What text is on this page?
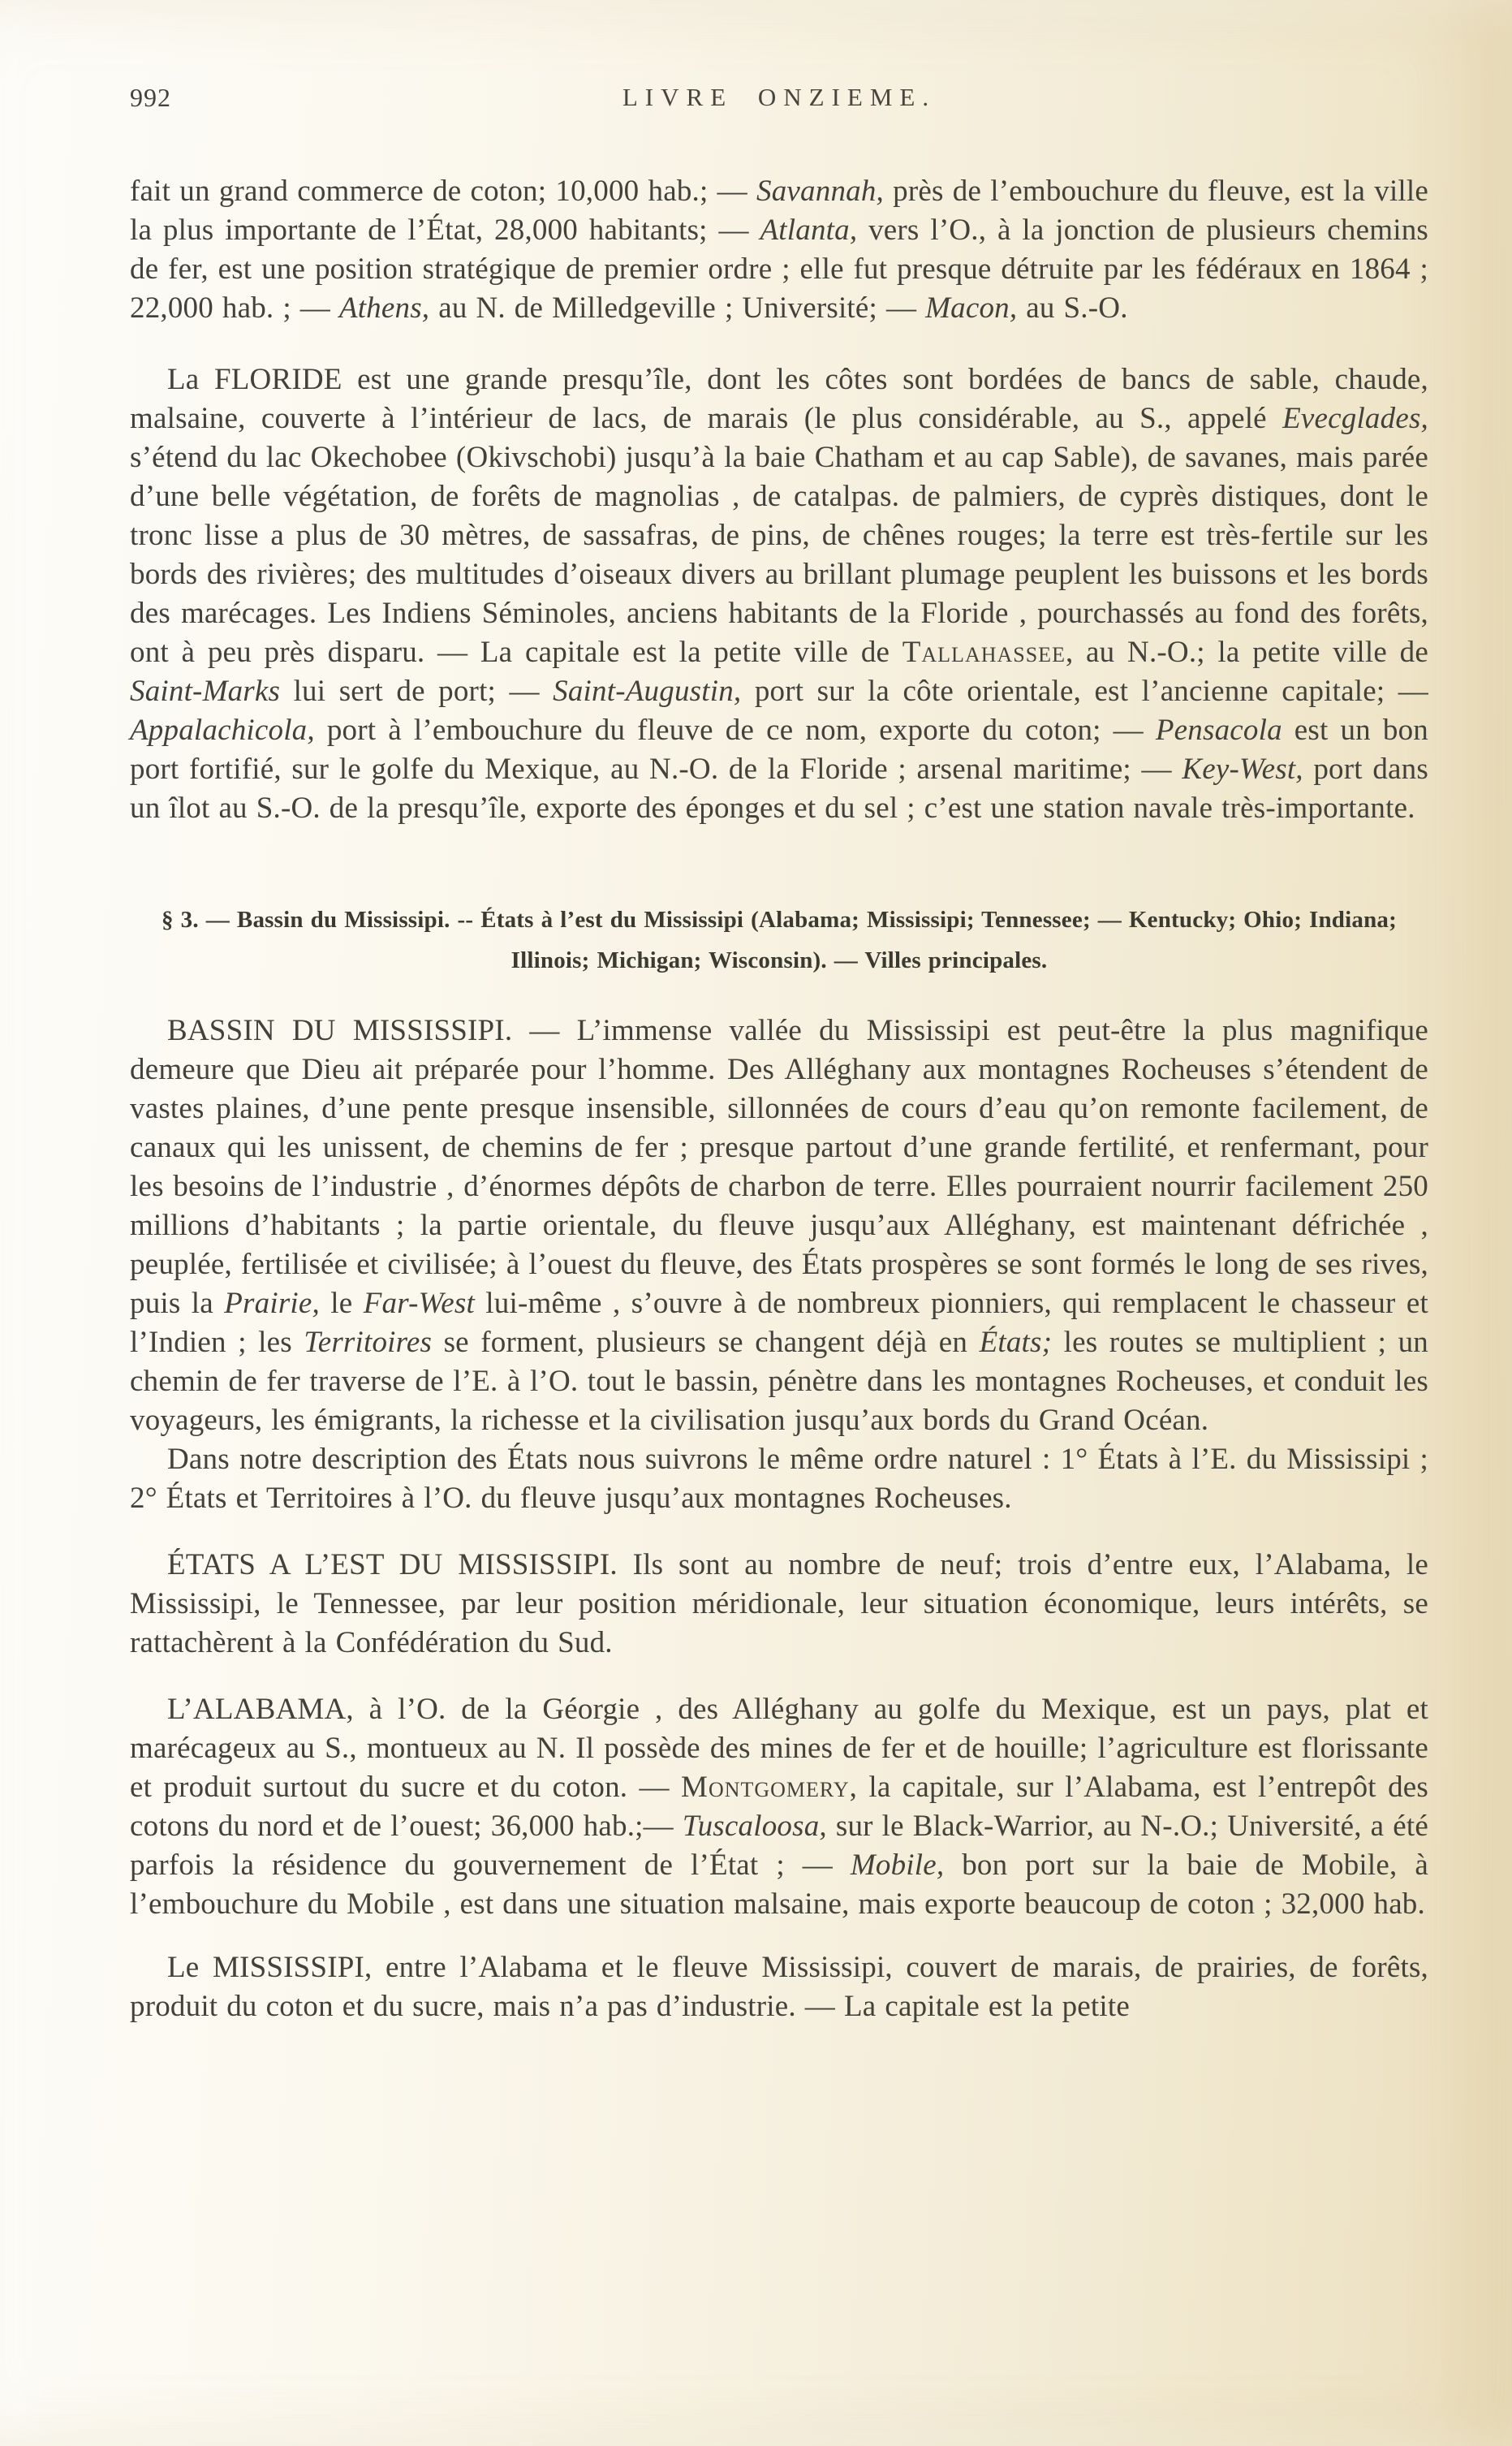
992	LIVRE ONZIEME.

fait un grand commerce de coton; 10,000 hab.; — Savannah, près de l’embouchure du fleuve, est la ville la plus importante de l’État, 28,000 habitants; — Atlanta, vers l’O., à la jonction de plusieurs chemins de fer, est une position stratégique de premier ordre ; elle fut presque détruite par les fédéraux en 1864 ; 22,000 hab. ; — Athens, au N. de Milledgeville ; Université; — Macon, au S.-O.

La FLORIDE est une grande presqu’île, dont les côtes sont bordées de bancs de sable, chaude, malsaine, couverte à l’intérieur de lacs, de marais (le plus considérable, au S., appelé Evecglades, s’étend du lac Okechobee (Okivschobi) jusqu’à la baie Chatham et au cap Sable), de savanes, mais parée d’une belle végétation, de forêts de magnolias , de catalpas. de palmiers, de cyprès distiques, dont le tronc lisse a plus de 30 mètres, de sassafras, de pins, de chênes rouges; la terre est très-fertile sur les bords des rivières; des multitudes d’oiseaux divers au brillant plumage peuplent les buissons et les bords des marécages. Les Indiens Séminoles, anciens habitants de la Floride , pourchassés au fond des forêts, ont à peu près disparu. — La capitale est la petite ville de Tallahassee, au N.-O.; la petite ville de Saint-Marks lui sert de port; — Saint-Augustin, port sur la côte orientale, est l’ancienne capitale; — Appalachicola, port à l’embouchure du fleuve de ce nom, exporte du coton; — Pensacola est un bon port fortifié, sur le golfe du Mexique, au N.-O. de la Floride ; arsenal maritime; — Key-West, port dans un îlot au S.-O. de la presqu’île, exporte des éponges et du sel ; c’est une station navale très-importante.

§ 3. — Bassin du Mississipi. -- États à l’est du Mississipi (Alabama; Mississipi; Tennessee; — Kentucky; Ohio; Indiana; Illinois; Michigan; Wisconsin). — Villes principales.

BASSIN DU MISSISSIPI. — L’immense vallée du Mississipi est peut-être la plus magnifique demeure que Dieu ait préparée pour l’homme. Des Alléghany aux montagnes Rocheuses s’étendent de vastes plaines, d’une pente presque insensible, sillonnées de cours d’eau qu’on remonte facilement, de canaux qui les unissent, de chemins de fer ; presque partout d’une grande fertilité, et renfermant, pour les besoins de l’industrie , d’énormes dépôts de charbon de terre. Elles pourraient nourrir facilement 250 millions d’habitants ; la partie orientale, du fleuve jusqu’aux Alléghany, est maintenant défrichée , peuplée, fertilisée et civilisée; à l’ouest du fleuve, des États prospères se sont formés le long de ses rives, puis la Prairie, le Far-West lui-même , s’ouvre à de nombreux pionniers, qui remplacent le chasseur et l’Indien ; les Territoires se forment, plusieurs se changent déjà en États; les routes se multiplient ; un chemin de fer traverse de l’E. à l’O. tout le bassin, pénètre dans les montagnes Rocheuses, et conduit les voyageurs, les émigrants, la richesse et la civilisation jusqu’aux bords du Grand Océan.

Dans notre description des États nous suivrons le même ordre naturel : 1° États à l’E. du Mississipi ; 2° États et Territoires à l’O. du fleuve jusqu’aux montagnes Rocheuses.

ÉTATS A L’EST DU MISSISSIPI. Ils sont au nombre de neuf; trois d’entre eux, l’Alabama, le Mississipi, le Tennessee, par leur position méridionale, leur situation économique, leurs intérêts, se rattachèrent à la Confédération du Sud.

L’ALABAMA, à l’O. de la Géorgie , des Alléghany au golfe du Mexique, est un pays, plat et marécageux au S., montueux au N. Il possède des mines de fer et de houille; l’agriculture est florissante et produit surtout du sucre et du coton. — Montgomery, la capitale, sur l’Alabama, est l’entrepôt des cotons du nord et de l’ouest; 36,000 hab.;— Tuscaloosa, sur le Black-Warrior, au N-.O.; Université, a été parfois la résidence du gouvernement de l’État ; — Mobile, bon port sur la baie de Mobile, à l’embouchure du Mobile , est dans une situation malsaine, mais exporte beaucoup de coton ; 32,000 hab.

Le MISSISSIPI, entre l’Alabama et le fleuve Mississipi, couvert de marais, de prairies, de forêts, produit du coton et du sucre, mais n’a pas d’industrie. — La capitale est la petite
